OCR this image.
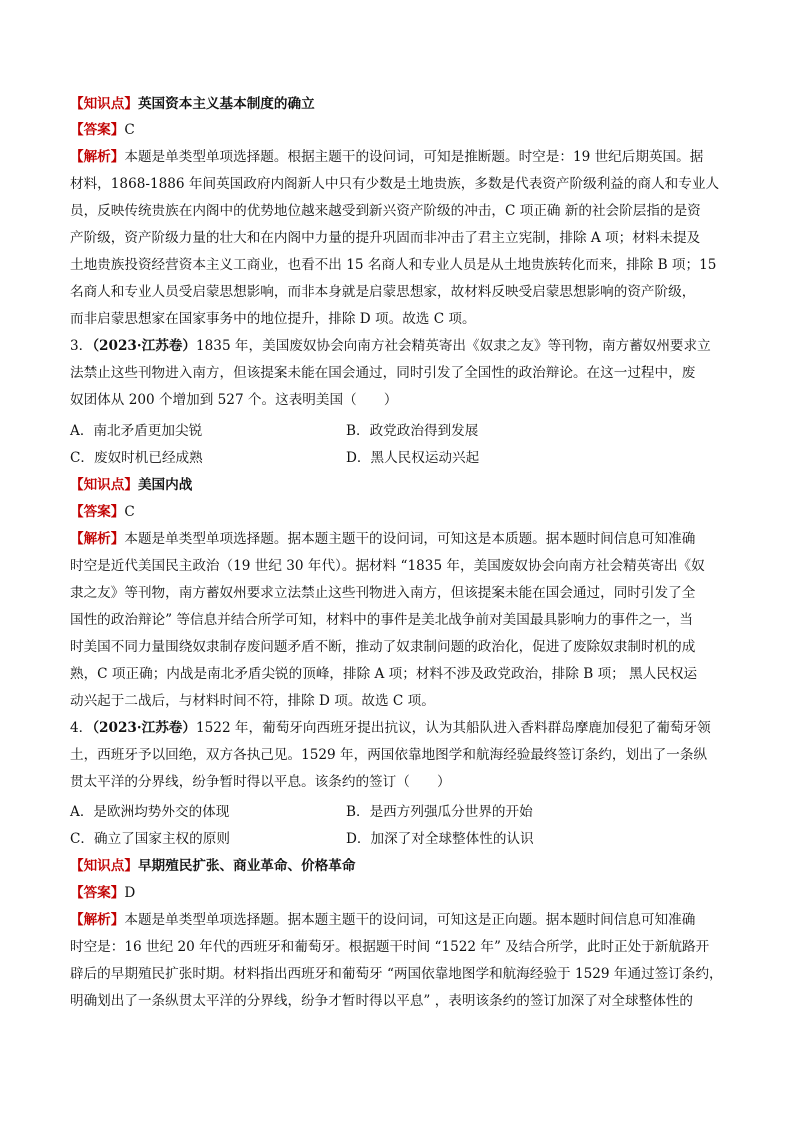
【知识点】英国资本主义基本制度的确立
【答案】C
【解析】本题是单类型单项选择题。根据主题干的设问词，可知是推断题。时空是：19 世纪后期英国。据
材料，1868-1886 年间英国政府内阁新人中只有少数是土地贵族，多数是代表资产阶级利益的商人和专业人
员，反映传统贵族在内阁中的优势地位越来越受到新兴资产阶级的冲击，C 项正确 新的社会阶层指的是资
产阶级，资产阶级力量的壮大和在内阁中力量的提升巩固而非冲击了君主立宪制，排除 A 项；材料未提及
土地贵族投资经营资本主义工商业，也看不出 15 名商人和专业人员是从土地贵族转化而来，排除 B 项；15
名商人和专业人员受启蒙思想影响，而非本身就是启蒙思想家，故材料反映受启蒙思想影响的资产阶级，
而非启蒙思想家在国家事务中的地位提升，排除 D 项。故选 C 项。
3．（2023·江苏卷）1835 年，美国废奴协会向南方社会精英寄出《奴隶之友》等刊物，南方蓄奴州要求立
法禁止这些刊物进入南方，但该提案未能在国会通过，同时引发了全国性的政治辩论。在这一过程中，废
奴团体从 200 个增加到 527 个。这表明美国（　　）
A．南北矛盾更加尖锐	B．政党政治得到发展
C．废奴时机已经成熟	D．黑人民权运动兴起
【知识点】美国内战
【答案】C
【解析】本题是单类型单项选择题。据本题主题干的设问词，可知这是本质题。据本题时间信息可知准确
时空是近代美国民主政治（19 世纪 30 年代）。据材料 “1835 年，美国废奴协会向南方社会精英寄出《奴
隶之友》等刊物，南方蓄奴州要求立法禁止这些刊物进入南方，但该提案未能在国会通过，同时引发了全
国性的政治辩论” 等信息并结合所学可知，材料中的事件是美北战争前对美国最具影响力的事件之一，当
时美国不同力量围绕奴隶制存废问题矛盾不断，推动了奴隶制问题的政治化，促进了废除奴隶制时机的成
熟，C 项正确；内战是南北矛盾尖锐的顶峰，排除 A 项；材料不涉及政党政治，排除 B 项； 黑人民权运
动兴起于二战后，与材料时间不符，排除 D 项。故选 C 项。
4．（2023·江苏卷）1522 年，葡萄牙向西班牙提出抗议，认为其船队进入香料群岛摩鹿加侵犯了葡萄牙领
土，西班牙予以回绝，双方各执己见。1529 年，两国依靠地图学和航海经验最终签订条约，划出了一条纵
贯太平洋的分界线，纷争暂时得以平息。该条约的签订（　　）
A．是欧洲均势外交的体现	B．是西方列强瓜分世界的开始
C．确立了国家主权的原则	D．加深了对全球整体性的认识
【知识点】早期殖民扩张、商业革命、价格革命
【答案】D
【解析】本题是单类型单项选择题。据本题主题干的设问词，可知这是正向题。据本题时间信息可知准确
时空是：16 世纪 20 年代的西班牙和葡萄牙。根据题干时间 “1522 年” 及结合所学，此时正处于新航路开
辟后的早期殖民扩张时期。材料指出西班牙和葡萄牙 “两国依靠地图学和航海经验于 1529 年通过签订条约，
明确划出了一条纵贯太平洋的分界线，纷争才暂时得以平息” ，表明该条约的签订加深了对全球整体性的
